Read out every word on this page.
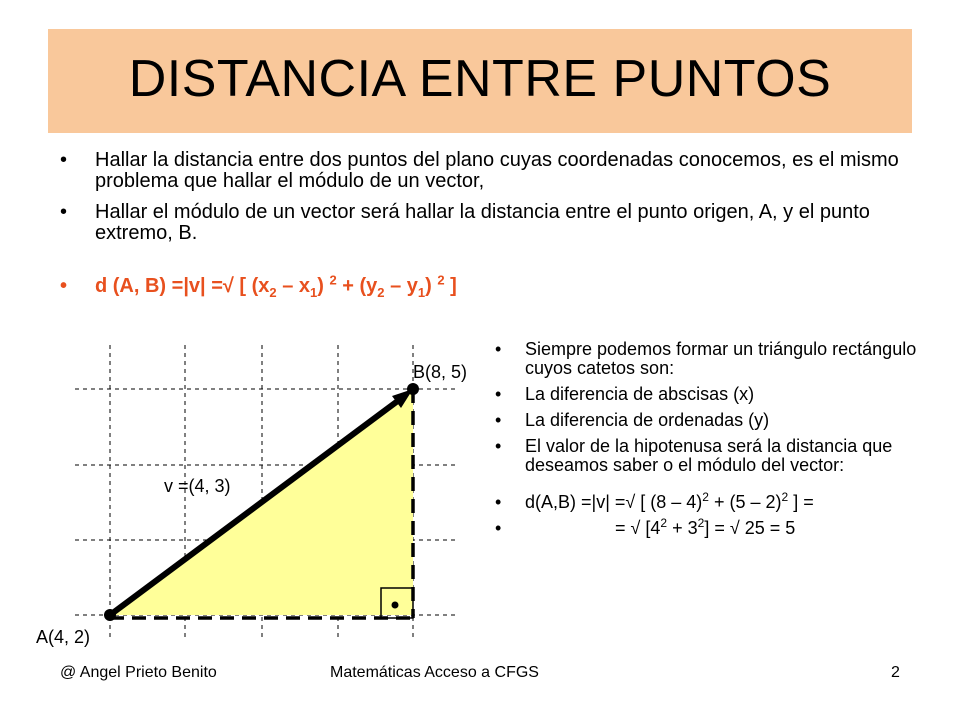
DISTANCIA ENTRE PUNTOS
• Hallar la distancia entre dos puntos del plano cuyas coordenadas conocemos, es el mismo problema que hallar el módulo de un vector,
• Hallar el módulo de un vector será hallar la distancia entre el punto origen, A, y el punto extremo, B.
• d (A, B) =|v| =√ [ $(x_2 - x_1) ^2 + (y_2 - y_1)$ $^2$ ]
A(4, 2)
B(8, 5)
v =(4, 3)
• Siempre podemos formar un triángulo rectángulo cuyos catetos son:
• La diferencia de abscisas (x)
• La diferencia de ordenadas (y)
• El valor de la hipotenusa será la distancia que deseamos saber o el módulo del vector:
• d(A,B) =|v| =√ [ (8 – 4)$^2$ + (5 – 2)$^2$ ] =
• = √ $[4^2 + 3^2]$ = √ 25 = 5
@ Angel Prieto Benito	Matemáticas Acceso a CFGS	2
